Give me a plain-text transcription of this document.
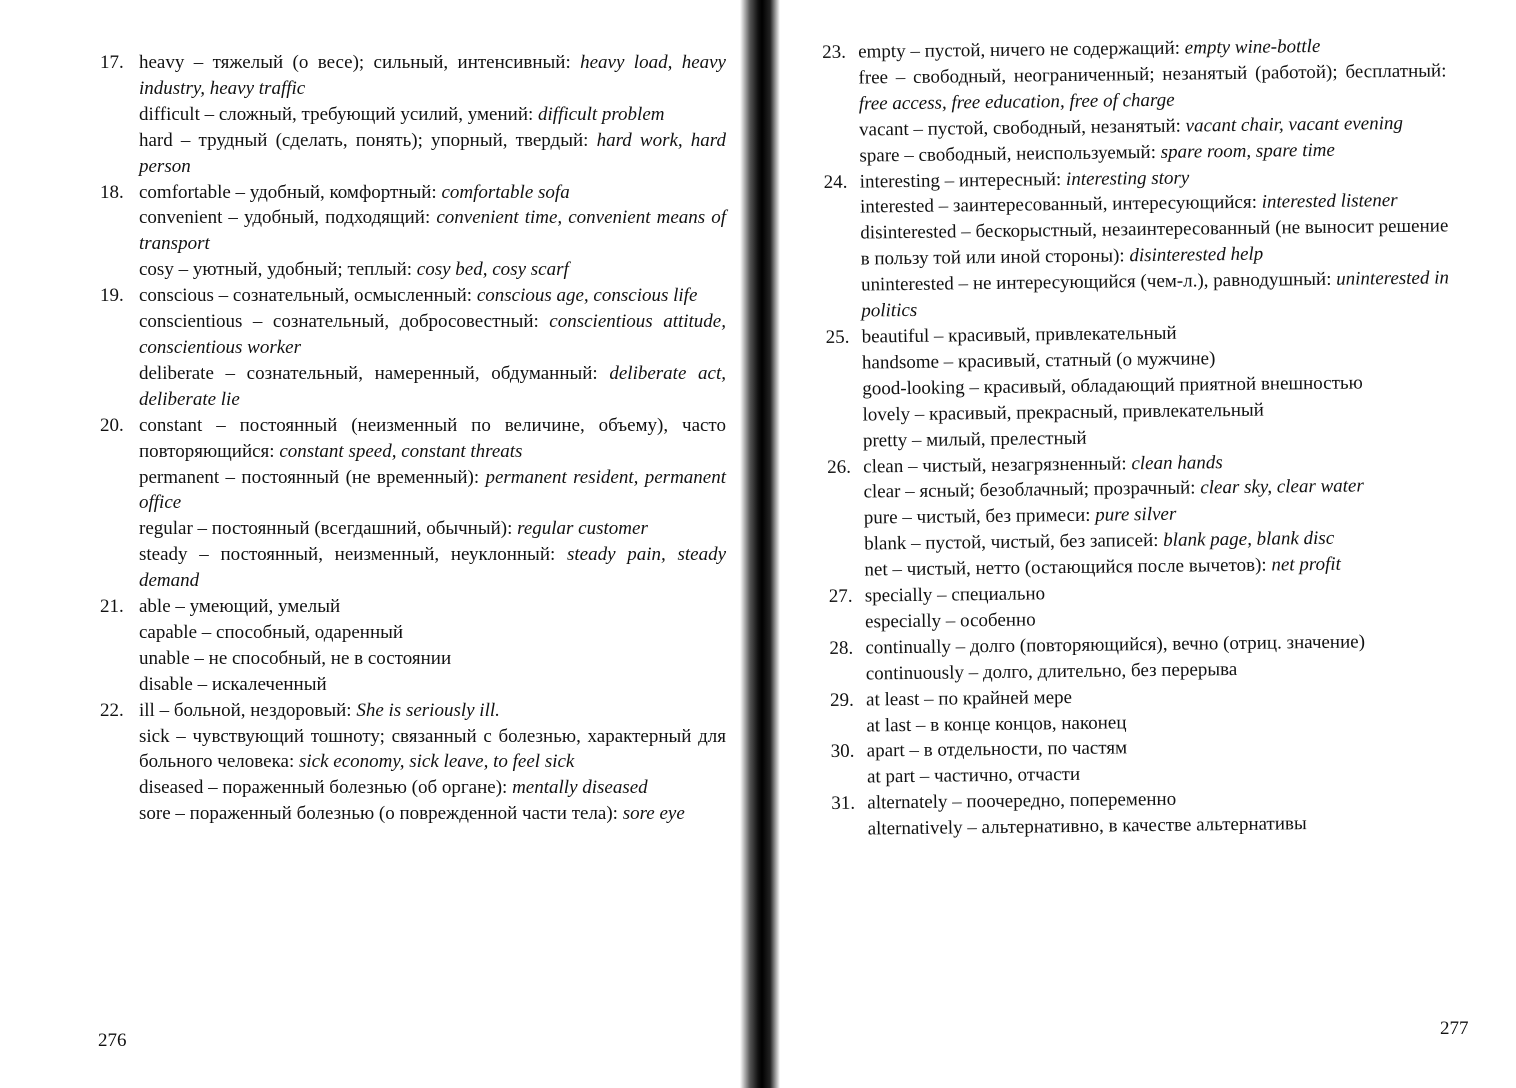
17. heavy – тяжелый (о весе); сильный, интенсивный: heavy load, heavy industry, heavy traffic
difficult – сложный, требующий усилий, умений: difficult problem
hard – трудный (сделать, понять); упорный, твердый: hard work, hard person
18. comfortable – удобный, комфортный: comfortable sofa
convenient – удобный, подходящий: convenient time, convenient means of transport
cosy – уютный, удобный; теплый: cosy bed, cosy scarf
19. conscious – сознательный, осмысленный: conscious age, conscious life
conscientious – сознательный, добросовестный: conscientious attitude, conscientious worker
deliberate – сознательный, намеренный, обдуманный: deliberate act, deliberate lie
20. constant – постоянный (неизменный по величине, объему), часто повторяющийся: constant speed, constant threats
permanent – постоянный (не временный): permanent resident, permanent office
regular – постоянный (всегдашний, обычный): regular customer
steady – постоянный, неизменный, неуклонный: steady pain, steady demand
21. able – умеющий, умелый
capable – способный, одаренный
unable – не способный, не в состоянии
disable – искалеченный
22. ill – больной, нездоровый: She is seriously ill.
sick – чувствующий тошноту; связанный с болезнью, характерный для больного человека: sick economy, sick leave, to feel sick
diseased – пораженный болезнью (об органе): mentally diseased
sore – пораженный болезнью (о поврежденной части тела): sore eye
276
23. empty – пустой, ничего не содержащий: empty wine-bottle
free – свободный, неограниченный; незанятый (работой); бесплатный: free access, free education, free of charge
vacant – пустой, свободный, незанятый: vacant chair, vacant evening
spare – свободный, неиспользуемый: spare room, spare time
24. interesting – интересный: interesting story
interested – заинтересованный, интересующийся: interested listener
disinterested – бескорыстный, незаинтересованный (не выносит решение в пользу той или иной стороны): disinterested help
uninterested – не интересующийся (чем-л.), равнодушный: uninterested in politics
25. beautiful – красивый, привлекательный
handsome – красивый, статный (о мужчине)
good-looking – красивый, обладающий приятной внешностью
lovely – красивый, прекрасный, привлекательный
pretty – милый, прелестный
26. clean – чистый, незагрязненный: clean hands
clear – ясный; безоблачный; прозрачный: clear sky, clear water
pure – чистый, без примеси: pure silver
blank – пустой, чистый, без записей: blank page, blank disc
net – чистый, нетто (остающийся после вычетов): net profit
27. specially – специально
especially – особенно
28. continually – долго (повторяющийся), вечно (отриц. значение)
continuously – долго, длительно, без перерыва
29. at least – по крайней мере
at last – в конце концов, наконец
30. apart – в отдельности, по частям
at part – частично, отчасти
31. alternately – поочередно, попеременно
alternatively – альтернативно, в качестве альтернативы
277
